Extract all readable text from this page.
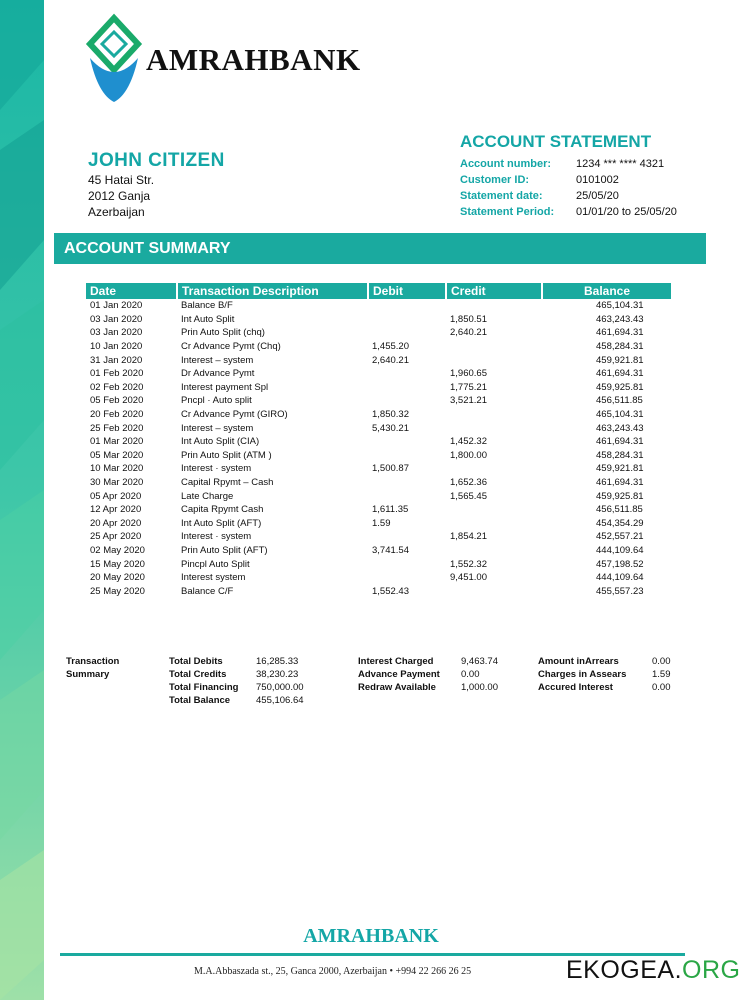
AMRAHBANK
JOHN CITIZEN
45 Hatai Str.
2012 Ganja
Azerbaijan
ACCOUNT STATEMENT
Account number:	1234 *** **** 4321
Customer ID:	0101002
Statement date:	25/05/20
Statement Period:	01/01/20 to 25/05/20
ACCOUNT SUMMARY
Date	Transaction Description	Debit	Credit	Balance
01 Jan 2020	Balance B/F			465,104.31
03 Jan 2020	Int Auto Split		1,850.51	463,243.43
03 Jan 2020	Prin Auto Split (chq)		2,640.21	461,694.31
10 Jan 2020	Cr Advance Pymt (Chq)	1,455.20		458,284.31
31 Jan 2020	Interest – system	2,640.21		459,921.81
01 Feb 2020	Dr Advance Pymt		1,960.65	461,694.31
02 Feb 2020	Interest payment Spl		1,775.21	459,925.81
05 Feb 2020	Pncpl · Auto split		3,521.21	456,511.85
20 Feb 2020	Cr Advance Pymt (GIRO)	1,850.32		465,104.31
25 Feb 2020	Interest – system	5,430.21		463,243.43
01 Mar 2020	Int Auto Split (CIA)		1,452.32	461,694.31
05 Mar 2020	Prin Auto Split (ATM )		1,800.00	458,284.31
10 Mar 2020	Interest · system	1,500.87		459,921.81
30 Mar 2020	Capital Rpymt – Cash		1,652.36	461,694.31
05 Apr 2020	Late Charge		1,565.45	459,925.81
12 Apr 2020	Capita Rpymt Cash	1,611.35		456,511.85
20 Apr 2020	Int Auto Split (AFT)	1.59		454,354.29
25 Apr 2020	Interest · system		1,854.21	452,557.21
02 May 2020	Prin Auto Split (AFT)	3,741.54		444,109.64
15 May 2020	Pincpl Auto Split		1,552.32	457,198.52
20 May 2020	Interest system		9,451.00	444,109.64
25 May 2020	Balance C/F	1,552.43		455,557.23
Transaction
Summary
Total Debits	16,285.33
Total Credits	38,230.23
Total Financing	750,000.00
Total Balance	455,106.64
Interest Charged	9,463.74
Advance Payment	0.00
Redraw Available	1,000.00
Amount inArrears	0.00
Charges in Assears	1.59
Accured Interest	0.00
AMRAHBANK
M.A.Abbaszada st., 25, Ganca 2000, Azerbaijan • +994 22 266 26 25	EKOGEA.ORG
